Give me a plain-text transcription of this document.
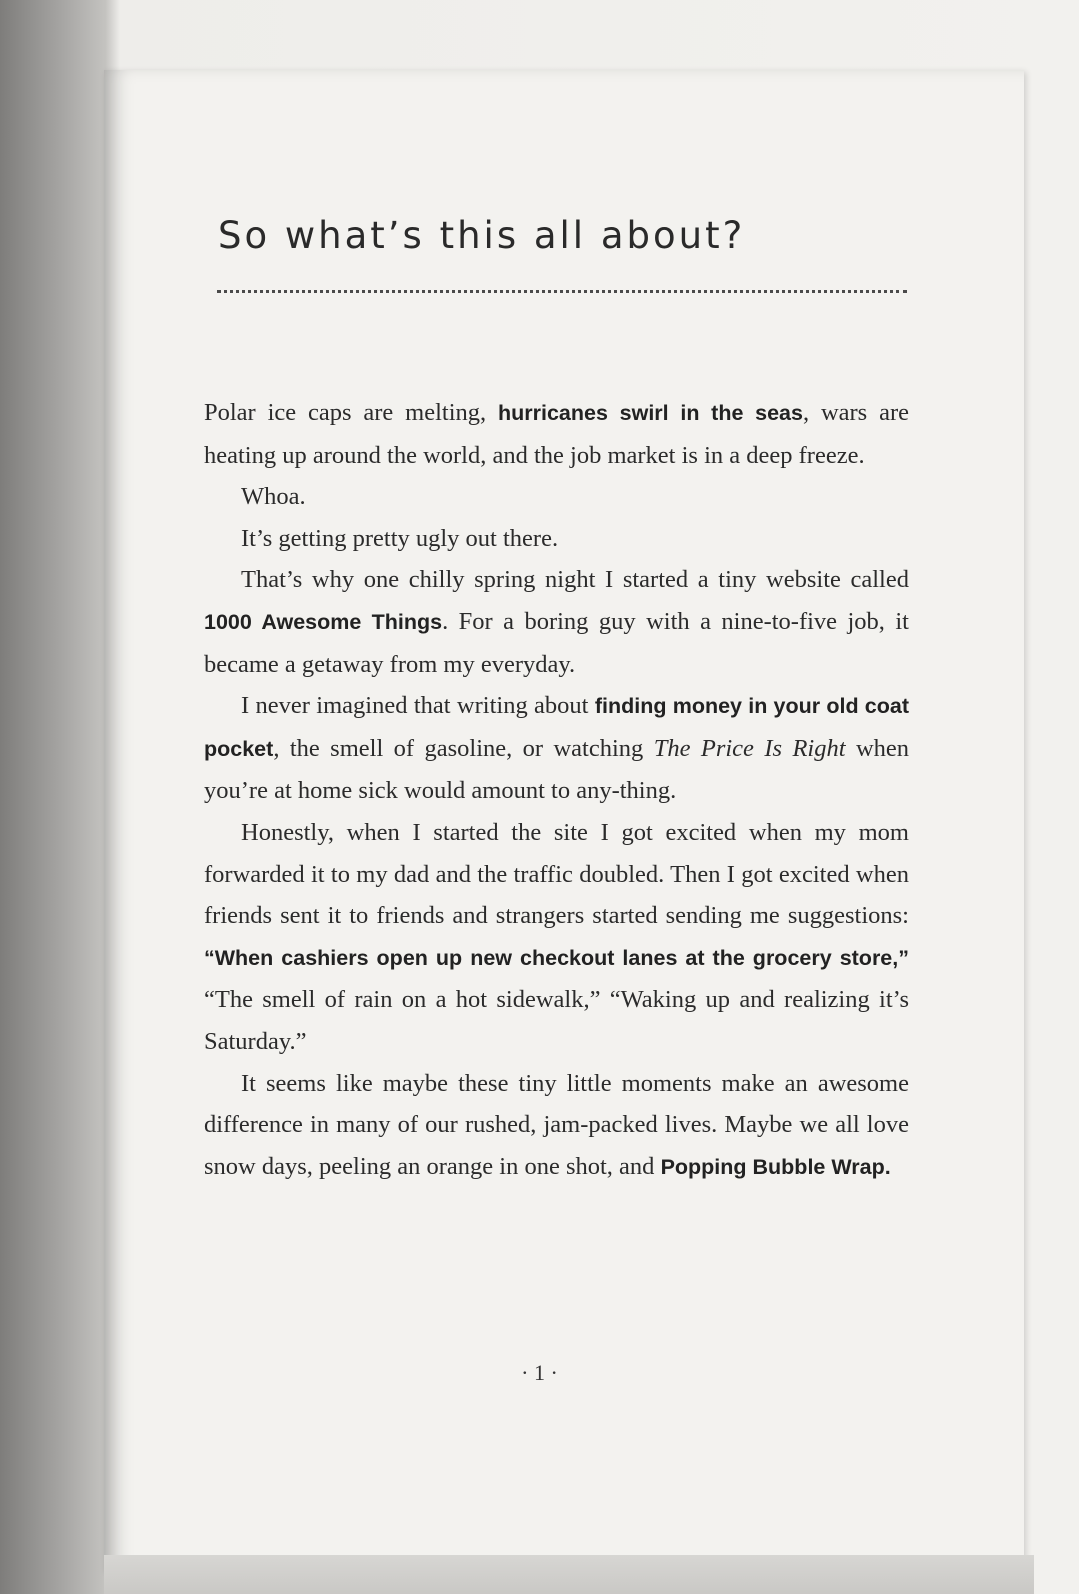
So what’s this all about?

Polar ice caps are melting, hurricanes swirl in the seas, wars are heating up around the world, and the job market is in a deep freeze.

Whoa.

It’s getting pretty ugly out there.

That’s why one chilly spring night I started a tiny website called 1000 Awesome Things. For a boring guy with a nine-to-five job, it became a getaway from my everyday.

I never imagined that writing about finding money in your old coat pocket, the smell of gasoline, or watching The Price Is Right when you’re at home sick would amount to any-thing.

Honestly, when I started the site I got excited when my mom forwarded it to my dad and the traffic doubled. Then I got excited when friends sent it to friends and strangers started sending me suggestions: “When cashiers open up new checkout lanes at the grocery store,” “The smell of rain on a hot sidewalk,” “Waking up and realizing it’s Saturday.”

It seems like maybe these tiny little moments make an awesome difference in many of our rushed, jam-packed lives. Maybe we all love snow days, peeling an orange in one shot, and Popping Bubble Wrap.

· 1 ·
